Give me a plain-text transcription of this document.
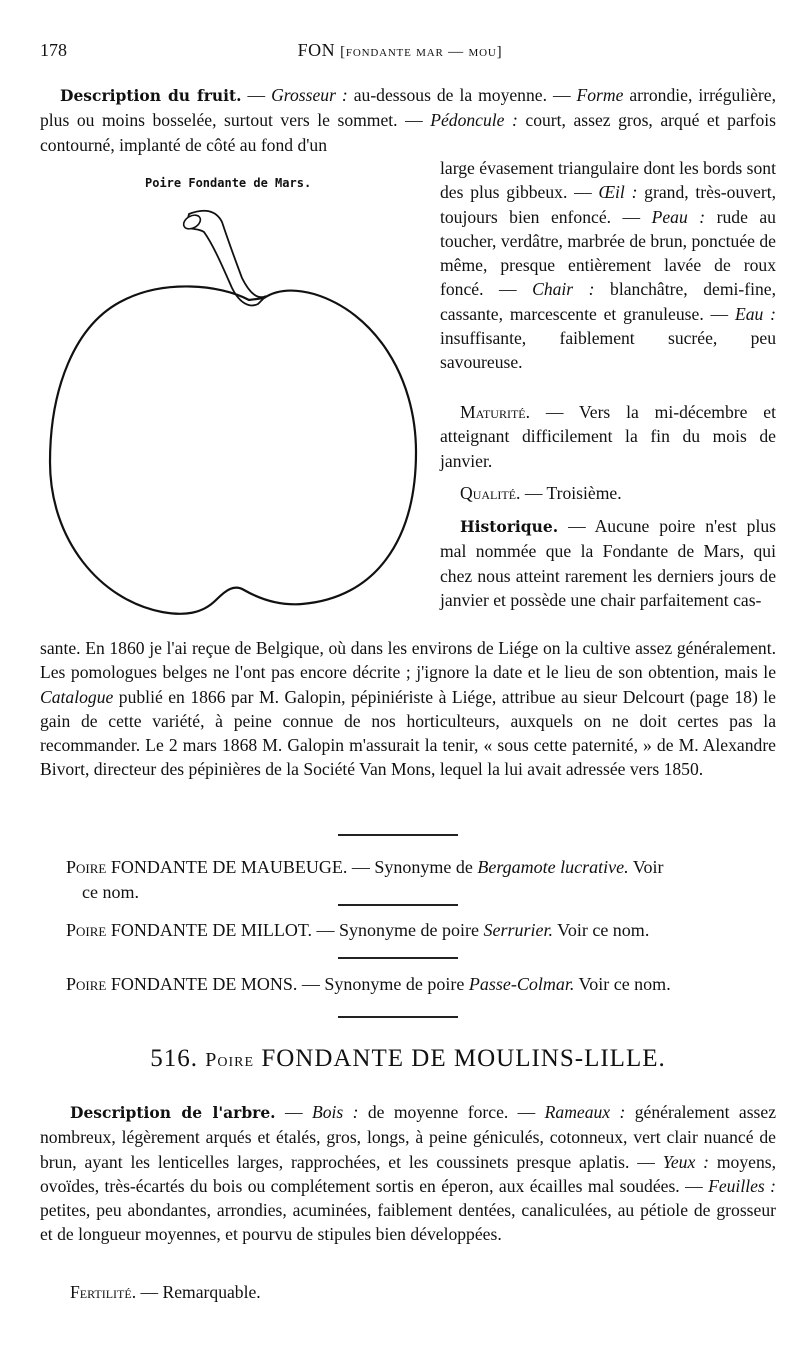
178	FON [fondante mar — mou]

Description du fruit. — Grosseur : au-dessous de la moyenne. — Forme arrondie, irrégulière, plus ou moins bosselée, surtout vers le sommet. — Pédoncule : court, assez gros, arqué et parfois contourné, implanté de côté au fond d'un

Poire Fondante de Mars.

large évasement triangulaire dont les bords sont des plus gibbeux. — Œil : grand, très-ouvert, toujours bien enfoncé. — Peau : rude au toucher, verdâtre, marbrée de brun, ponctuée de même, presque entièrement lavée de roux foncé. — Chair : blanchâtre, demi-fine, cassante, marcescente et granuleuse. — Eau : insuffisante, faiblement sucrée, peu savoureuse.

Maturité. — Vers la mi-décembre et atteignant difficilement la fin du mois de janvier.

Qualité. — Troisième.

Historique. — Aucune poire n'est plus mal nommée que la Fondante de Mars, qui chez nous atteint rarement les derniers jours de janvier et possède une chair parfaitement cas-

sante. En 1860 je l'ai reçue de Belgique, où dans les environs de Liége on la cultive assez généralement. Les pomologues belges ne l'ont pas encore décrite ; j'ignore la date et le lieu de son obtention, mais le Catalogue publié en 1866 par M. Galopin, pépiniériste à Liége, attribue au sieur Delcourt (page 18) le gain de cette variété, à peine connue de nos horticulteurs, auxquels on ne doit certes pas la recommander. Le 2 mars 1868 M. Galopin m'assurait la tenir, « sous cette paternité, » de M. Alexandre Bivort, directeur des pépinières de la Société Van Mons, lequel la lui avait adressée vers 1850.

Poire FONDANTE DE MAUBEUGE. — Synonyme de Bergamote lucrative. Voir
ce nom.

Poire FONDANTE DE MILLOT. — Synonyme de poire Serrurier. Voir ce nom.

Poire FONDANTE DE MONS. — Synonyme de poire Passe-Colmar. Voir ce nom.

516. Poire FONDANTE DE MOULINS-LILLE.

Description de l'arbre. — Bois : de moyenne force. — Rameaux : généralement assez nombreux, légèrement arqués et étalés, gros, longs, à peine géniculés, cotonneux, vert clair nuancé de brun, ayant les lenticelles larges, rapprochées, et les coussinets presque aplatis. — Yeux : moyens, ovoïdes, très-écartés du bois ou complétement sortis en éperon, aux écailles mal soudées. — Feuilles : petites, peu abondantes, arrondies, acuminées, faiblement dentées, canaliculées, au pétiole de grosseur et de longueur moyennes, et pourvu de stipules bien développées.

Fertilité. — Remarquable.
